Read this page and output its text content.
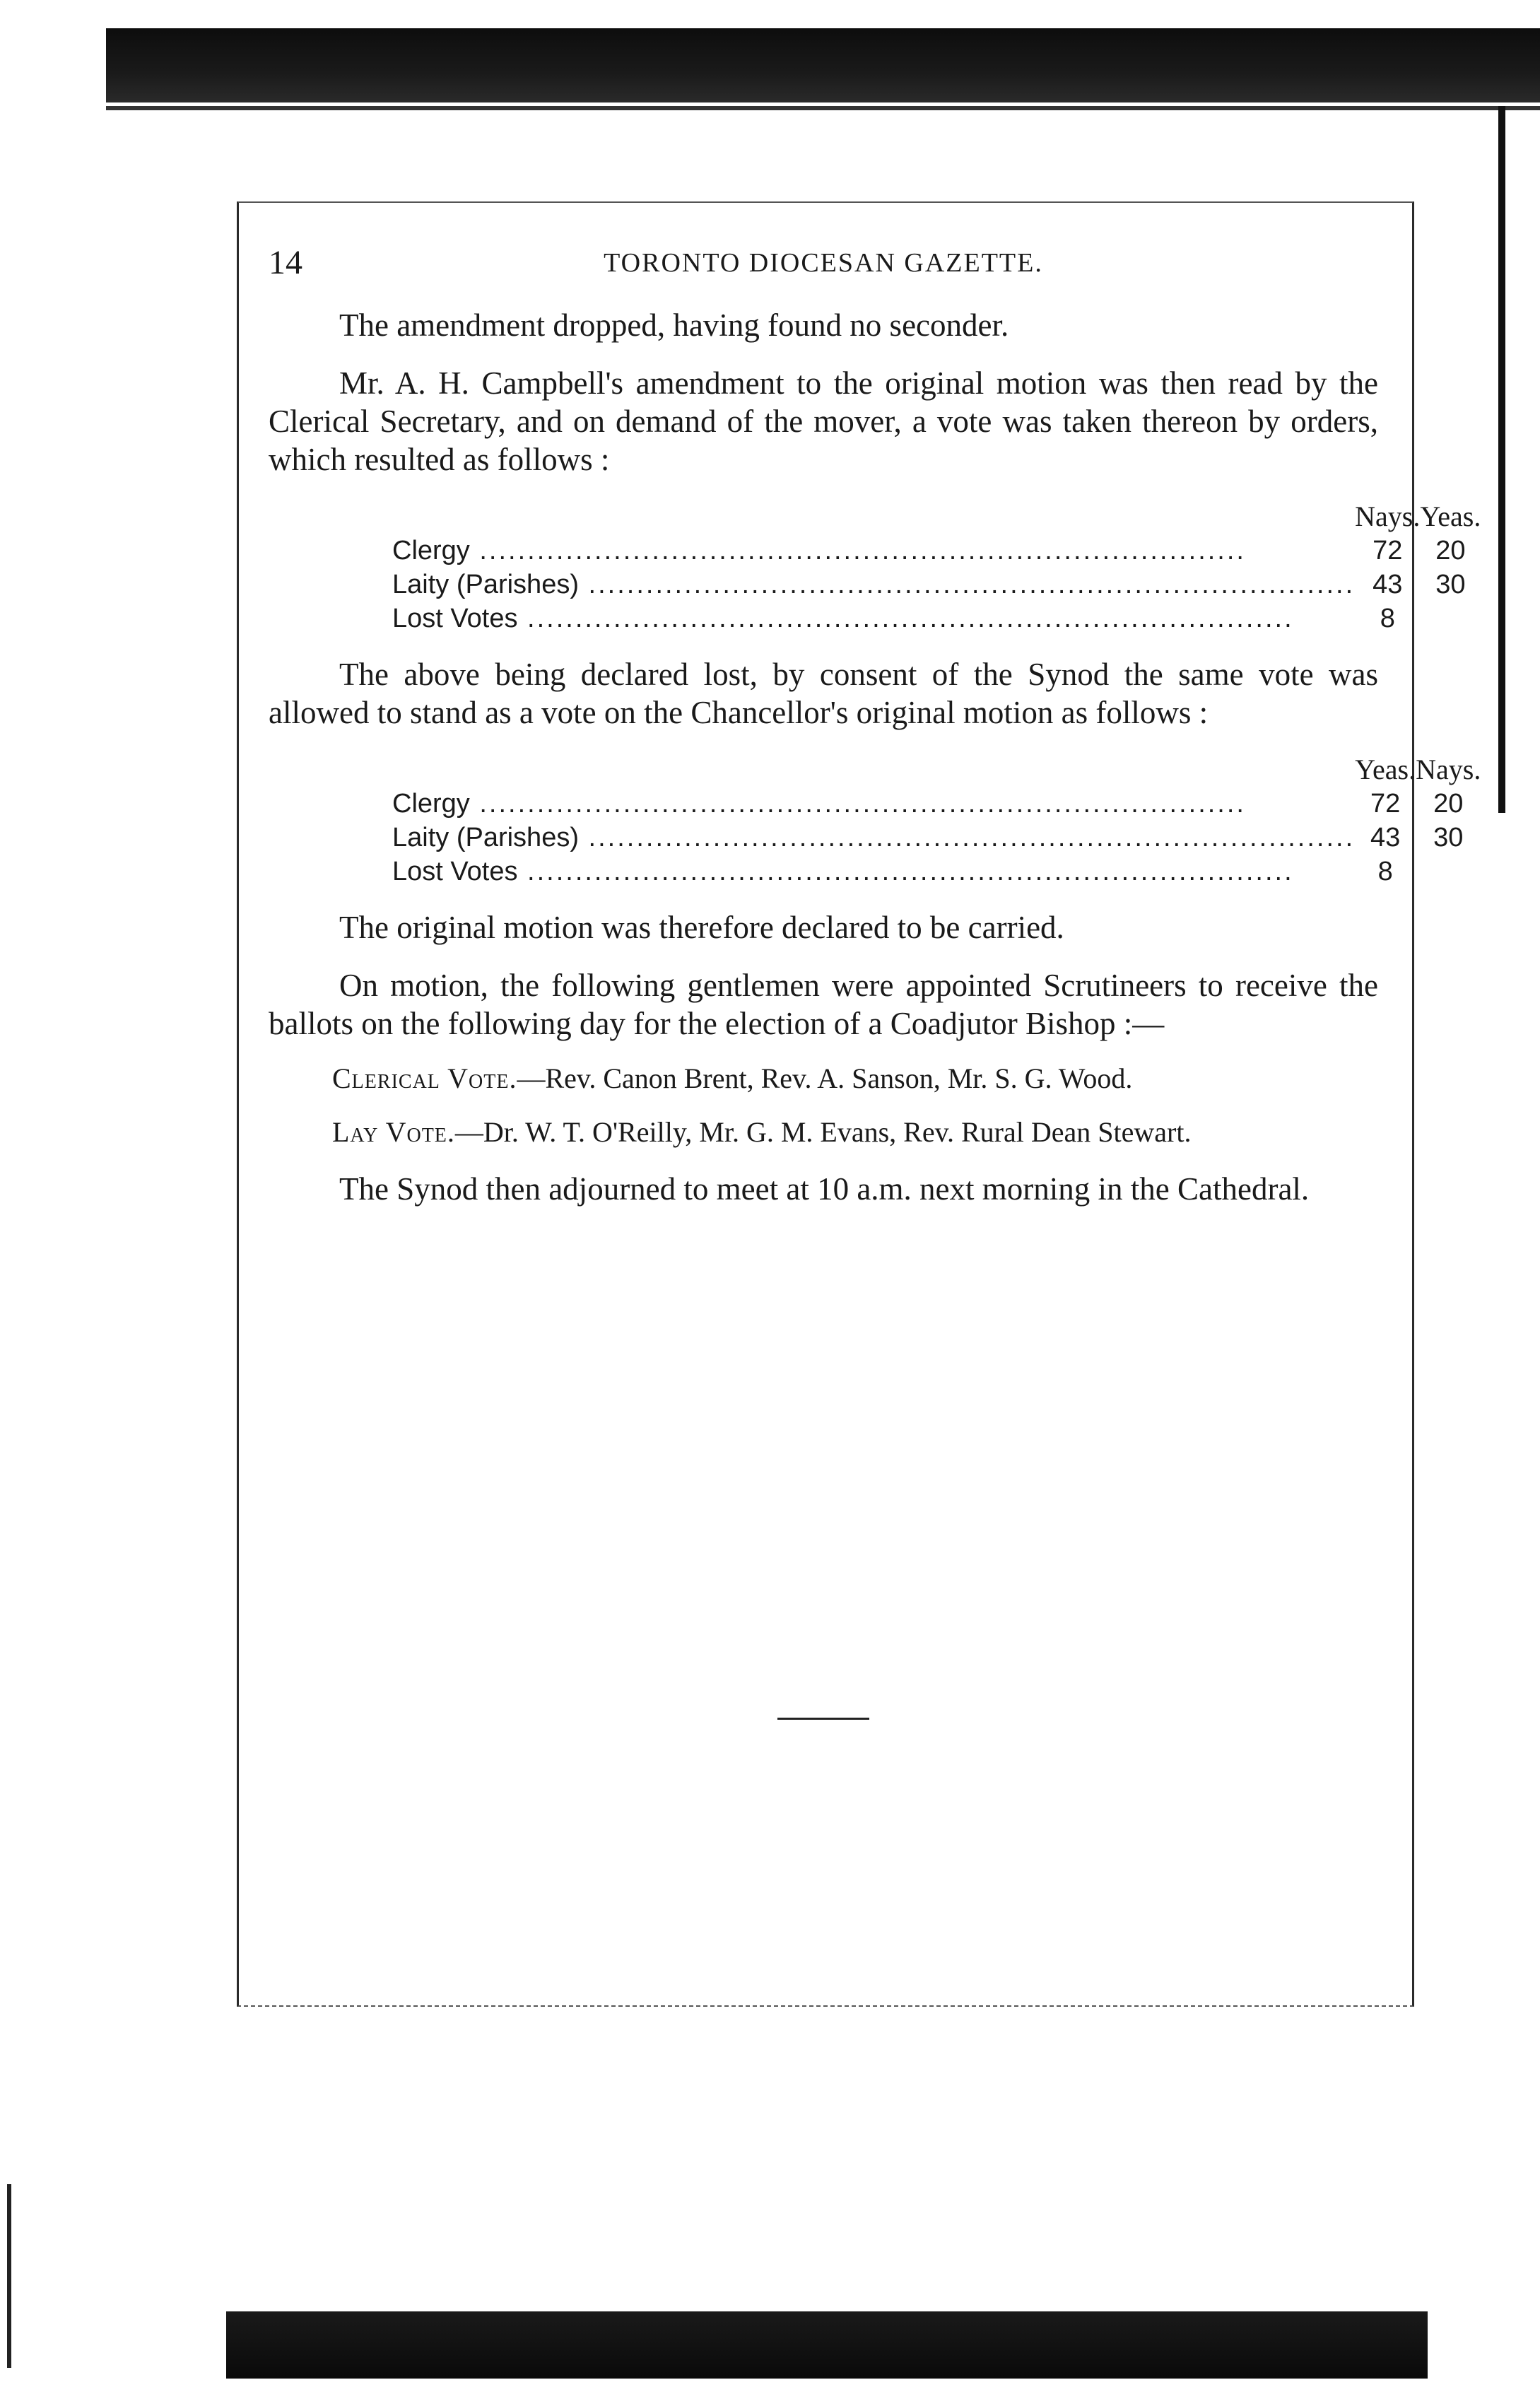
14	TORONTO DIOCESAN GAZETTE.

The amendment dropped, having found no seconder.

Mr. A. H. Campbell's amendment to the original motion was then read by the Clerical Secretary, and on demand of the mover, a vote was taken thereon by orders, which resulted as follows :

	Nays.	Yeas.
Clergy .....	72	20
Laity (Parishes) .....	43	30
Lost Votes .....	8	

The above being declared lost, by consent of the Synod the same vote was allowed to stand as a vote on the Chancellor's original motion as follows :

	Yeas.	Nays.
Clergy .....	72	20
Laity (Parishes) .....	43	30
Lost Votes .....	8	

The original motion was therefore declared to be carried.

On motion, the following gentlemen were appointed Scrutineers to receive the ballots on the following day for the election of a Coadjutor Bishop :—

Clerical Vote.—Rev. Canon Brent, Rev. A. Sanson, Mr. S. G. Wood.
Lay Vote.—Dr. W. T. O'Reilly, Mr. G. M. Evans, Rev. Rural Dean Stewart.

The Synod then adjourned to meet at 10 a.m. next morning in the Cathedral.
